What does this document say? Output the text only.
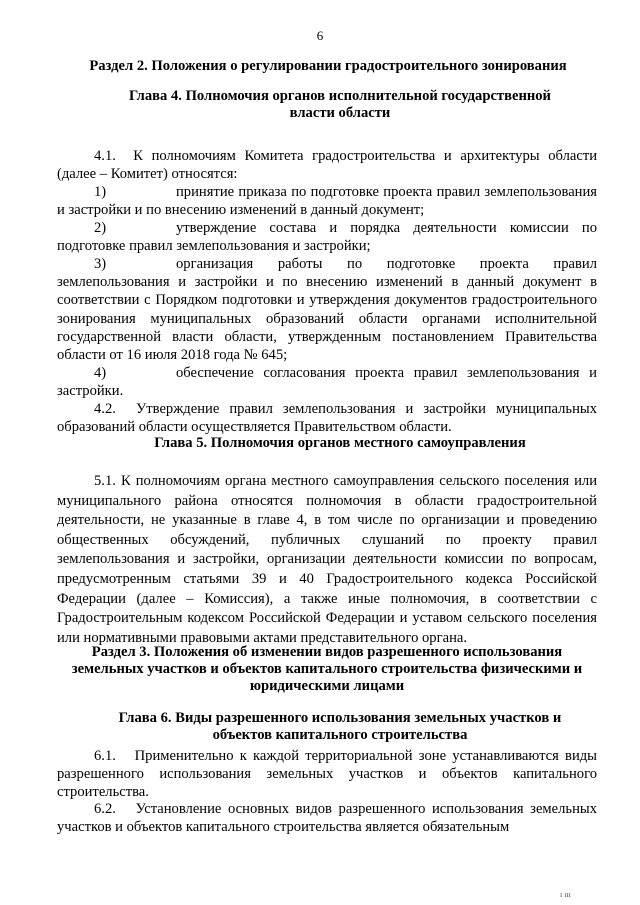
6
Раздел 2. Положения о регулировании градостроительного зонирования
Глава 4. Полномочия органов исполнительной государственной
власти области
4.1. К полномочиям Комитета градостроительства и архитектуры области (далее – Комитет) относятся:
1)	принятие приказа по подготовке проекта правил землепользования и застройки и по внесению изменений в данный документ;
2)	утверждение состава и порядка деятельности комиссии по подготовке правил землепользования и застройки;
3)	организация работы по подготовке проекта правил землепользования и застройки и по внесению изменений в данный документ в соответствии с Порядком подготовки и утверждения документов градостроительного зонирования муниципальных образований области органами исполнительной государственной власти области, утвержденным постановлением Правительства области от 16 июля 2018 года № 645;
4)	обеспечение согласования проекта правил землепользования и застройки.
4.2. Утверждение правил землепользования и застройки муниципальных образований области осуществляется Правительством области.
Глава 5. Полномочия органов местного самоуправления
5.1. К полномочиям органа местного самоуправления сельского поселения или муниципального района относятся полномочия в области градостроительной деятельности, не указанные в главе 4, в том числе по организации и проведению общественных обсуждений, публичных слушаний по проекту правил землепользования и застройки, организации деятельности комиссии по вопросам, предусмотренным статьями 39 и 40 Градостроительного кодекса Российской Федерации (далее – Комиссия), а также иные полномочия, в соответствии с Градостроительным кодексом Российской Федерации и уставом сельского поселения или нормативными правовыми актами представительного органа.
Раздел 3. Положения об изменении видов разрешенного использования
земельных участков и объектов капитального строительства физическими и
юридическими лицами
Глава 6. Виды разрешенного использования земельных участков и
объектов капитального строительства
6.1. Применительно к каждой территориальной зоне устанавливаются виды разрешенного использования земельных участков и объектов капитального строительства.
6.2. Установление основных видов разрешенного использования земельных участков и объектов капитального строительства является обязательным
ı ııı
